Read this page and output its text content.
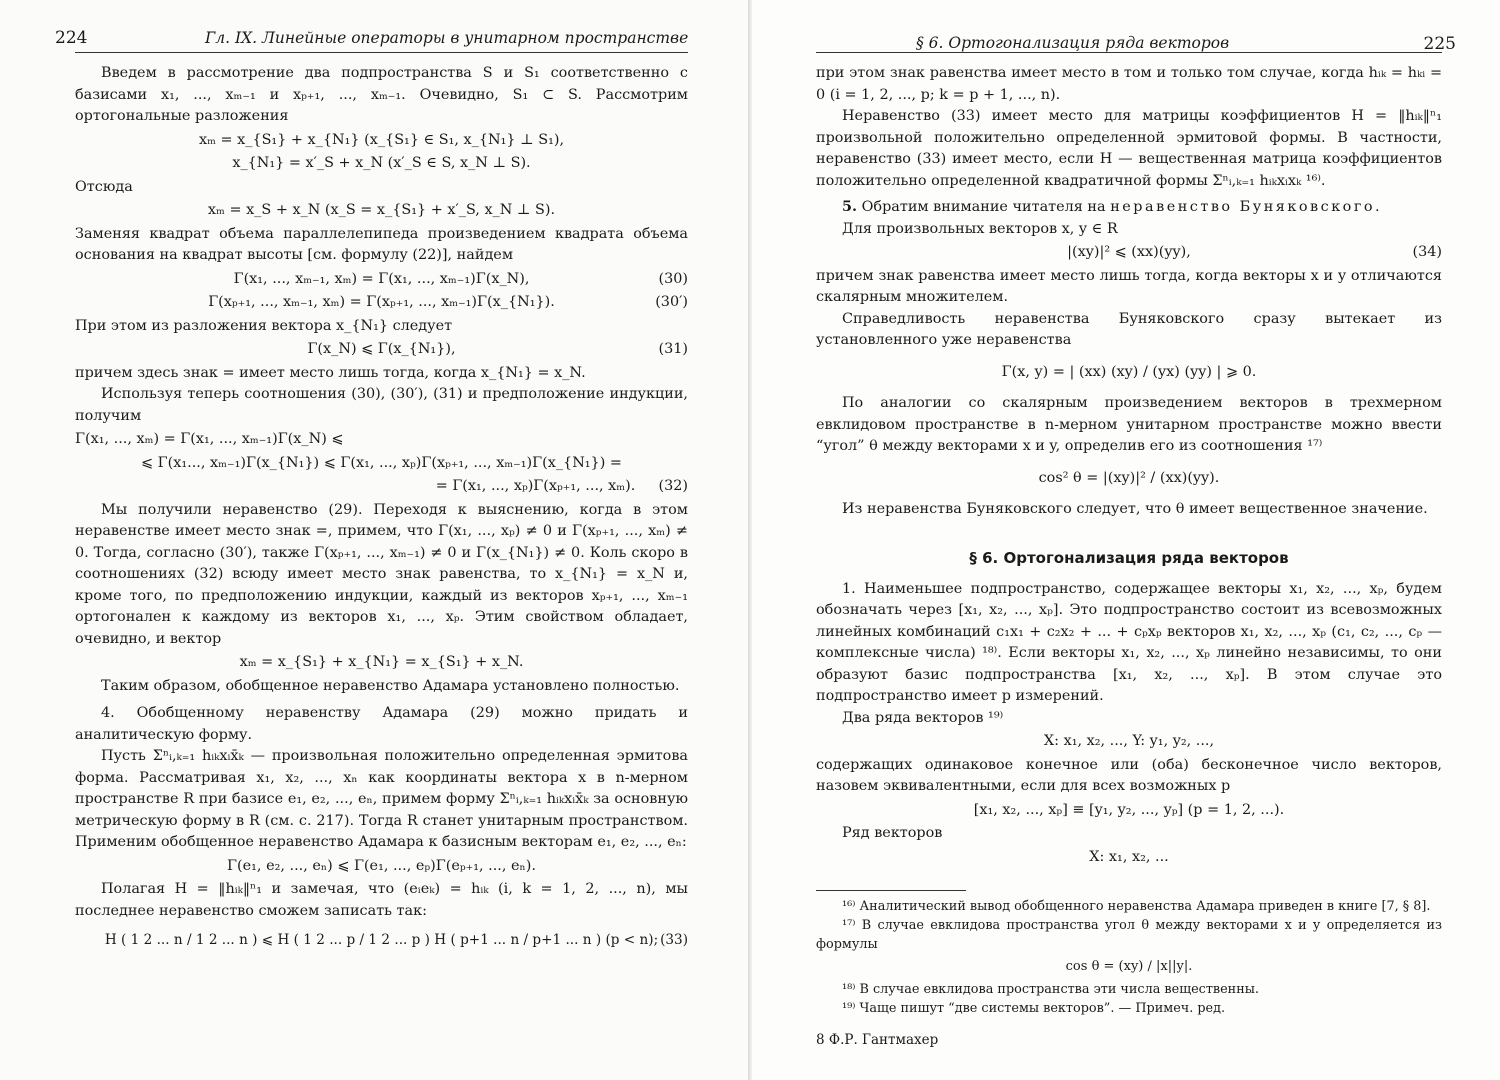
224	Гл. IX. Линейные операторы в унитарном пространстве

Введем в рассмотрение два подпространства S и S₁ соответственно с базисами x₁, ..., xₘ₋₁ и xₚ₊₁, ..., xₘ₋₁. Очевидно, S₁ ⊂ S. Рассмотрим ортогональные разложения

xₘ = x_{S₁} + x_{N₁} (x_{S₁} ∈ S₁, x_{N₁} ⊥ S₁),
x_{N₁} = x′_S + x_N (x′_S ∈ S, x_N ⊥ S).

Отсюда

xₘ = x_S + x_N (x_S = x_{S₁} + x′_S, x_N ⊥ S).

Заменяя квадрат объема параллелепипеда произведением квадрата объема основания на квадрат высоты [см. формулу (22)], найдем

Γ(x₁, ..., xₘ₋₁, xₘ) = Γ(x₁, ..., xₘ₋₁)Γ(x_N),	(30)
Γ(xₚ₊₁, ..., xₘ₋₁, xₘ) = Γ(xₚ₊₁, ..., xₘ₋₁)Γ(x_{N₁}).	(30′)

При этом из разложения вектора x_{N₁} следует

Γ(x_N) ⩽ Γ(x_{N₁}),	(31)

причем здесь знак = имеет место лишь тогда, когда x_{N₁} = x_N.

Используя теперь соотношения (30), (30′), (31) и предположение индукции, получим

Γ(x₁, ..., xₘ) = Γ(x₁, ..., xₘ₋₁)Γ(x_N) ⩽
⩽ Γ(x₁..., xₘ₋₁)Γ(x_{N₁}) ⩽ Γ(x₁, ..., xₚ)Γ(xₚ₊₁, ..., xₘ₋₁)Γ(x_{N₁}) =
= Γ(x₁, ..., xₚ)Γ(xₚ₊₁, ..., xₘ). (32)

Мы получили неравенство (29). Переходя к выяснению, когда в этом неравенстве имеет место знак =, примем, что Γ(x₁, ..., xₚ) ≠ 0 и Γ(xₚ₊₁, ..., xₘ) ≠ 0. Тогда, согласно (30′), также Γ(xₚ₊₁, ..., xₘ₋₁) ≠ 0 и Γ(x_{N₁}) ≠ 0. Коль скоро в соотношениях (32) всюду имеет место знак равенства, то x_{N₁} = x_N и, кроме того, по предположению индукции, каждый из векторов xₚ₊₁, ..., xₘ₋₁ ортогонален к каждому из векторов x₁, ..., xₚ. Этим свойством обладает, очевидно, и вектор

xₘ = x_{S₁} + x_{N₁} = x_{S₁} + x_N.

Таким образом, обобщенное неравенство Адамара установлено полностью.

4. Обобщенному неравенству Адамара (29) можно придать и аналитическую форму.

Пусть Σⁿᵢ,ₖ₌₁ hᵢₖxᵢx̄ₖ — произвольная положительно определенная эрмитова форма. Рассматривая x₁, x₂, ..., xₙ как координаты вектора x в n-мерном пространстве R при базисе e₁, e₂, ..., eₙ, примем форму Σⁿᵢ,ₖ₌₁ hᵢₖxᵢx̄ₖ за основную метрическую форму в R (см. с. 217). Тогда R станет унитарным пространством. Применим обобщенное неравенство Адамара к базисным векторам e₁, e₂, ..., eₙ:

Γ(e₁, e₂, ..., eₙ) ⩽ Γ(e₁, ..., eₚ)Γ(eₚ₊₁, ..., eₙ).

Полагая H = ‖hᵢₖ‖ⁿ₁ и замечая, что (eᵢeₖ) = hᵢₖ (i, k = 1, 2, ..., n), мы последнее неравенство сможем записать так:

H ( 1 2 ... n / 1 2 ... n ) ⩽ H ( 1 2 ... p / 1 2 ... p ) H ( p+1 ... n / p+1 ... n ) (p < n); (33)
§ 6. Ортогонализация ряда векторов	225

при этом знак равенства имеет место в том и только том случае, когда hᵢₖ = hₖᵢ = 0 (i = 1, 2, ..., p; k = p + 1, ..., n).

Неравенство (33) имеет место для матрицы коэффициентов H = ‖hᵢₖ‖ⁿ₁ произвольной положительно определенной эрмитовой формы. В частности, неравенство (33) имеет место, если H — вещественная матрица коэффициентов положительно определенной квадратичной формы Σⁿᵢ,ₖ₌₁ hᵢₖxᵢxₖ ¹⁶⁾.

5. Обратим внимание читателя на неравенство Буняковского.

Для произвольных векторов x, y ∈ R

|(xy)|² ⩽ (xx)(yy),	(34)

причем знак равенства имеет место лишь тогда, когда векторы x и y отличаются скалярным множителем.

Справедливость неравенства Буняковского сразу вытекает из установленного уже неравенства

Γ(x, y) = | (xx) (xy) / (yx) (yy) | ⩾ 0.

По аналогии со скалярным произведением векторов в трехмерном евклидовом пространстве в n-мерном унитарном пространстве можно ввести “угол” θ между векторами x и y, определив его из соотношения ¹⁷⁾

cos² θ = |(xy)|² / (xx)(yy).

Из неравенства Буняковского следует, что θ имеет вещественное значение.

§ 6. Ортогонализация ряда векторов

1. Наименьшее подпространство, содержащее векторы x₁, x₂, ..., xₚ, будем обозначать через [x₁, x₂, ..., xₚ]. Это подпространство состоит из всевозможных линейных комбинаций c₁x₁ + c₂x₂ + ... + cₚxₚ векторов x₁, x₂, ..., xₚ (c₁, c₂, ..., cₚ — комплексные числа) ¹⁸⁾. Если векторы x₁, x₂, ..., xₚ линейно независимы, то они образуют базис подпространства [x₁, x₂, ..., xₚ]. В этом случае это подпространство имеет p измерений.

Два ряда векторов ¹⁹⁾

X: x₁, x₂, ..., Y: y₁, y₂, ...,

содержащих одинаковое конечное или (оба) бесконечное число векторов, назовем эквивалентными, если для всех возможных p

[x₁, x₂, ..., xₚ] ≡ [y₁, y₂, ..., yₚ] (p = 1, 2, ...).

Ряд векторов

X: x₁, x₂, ...

¹⁶⁾ Аналитический вывод обобщенного неравенства Адамара приведен в книге [7, § 8].

¹⁷⁾ В случае евклидова пространства угол θ между векторами x и y определяется из формулы

cos θ = (xy) / |x||y|.

¹⁸⁾ В случае евклидова пространства эти числа вещественны.

¹⁹⁾ Чаще пишут “две системы векторов”. — Примеч. ред.

8 Ф.Р. Гантмахер
